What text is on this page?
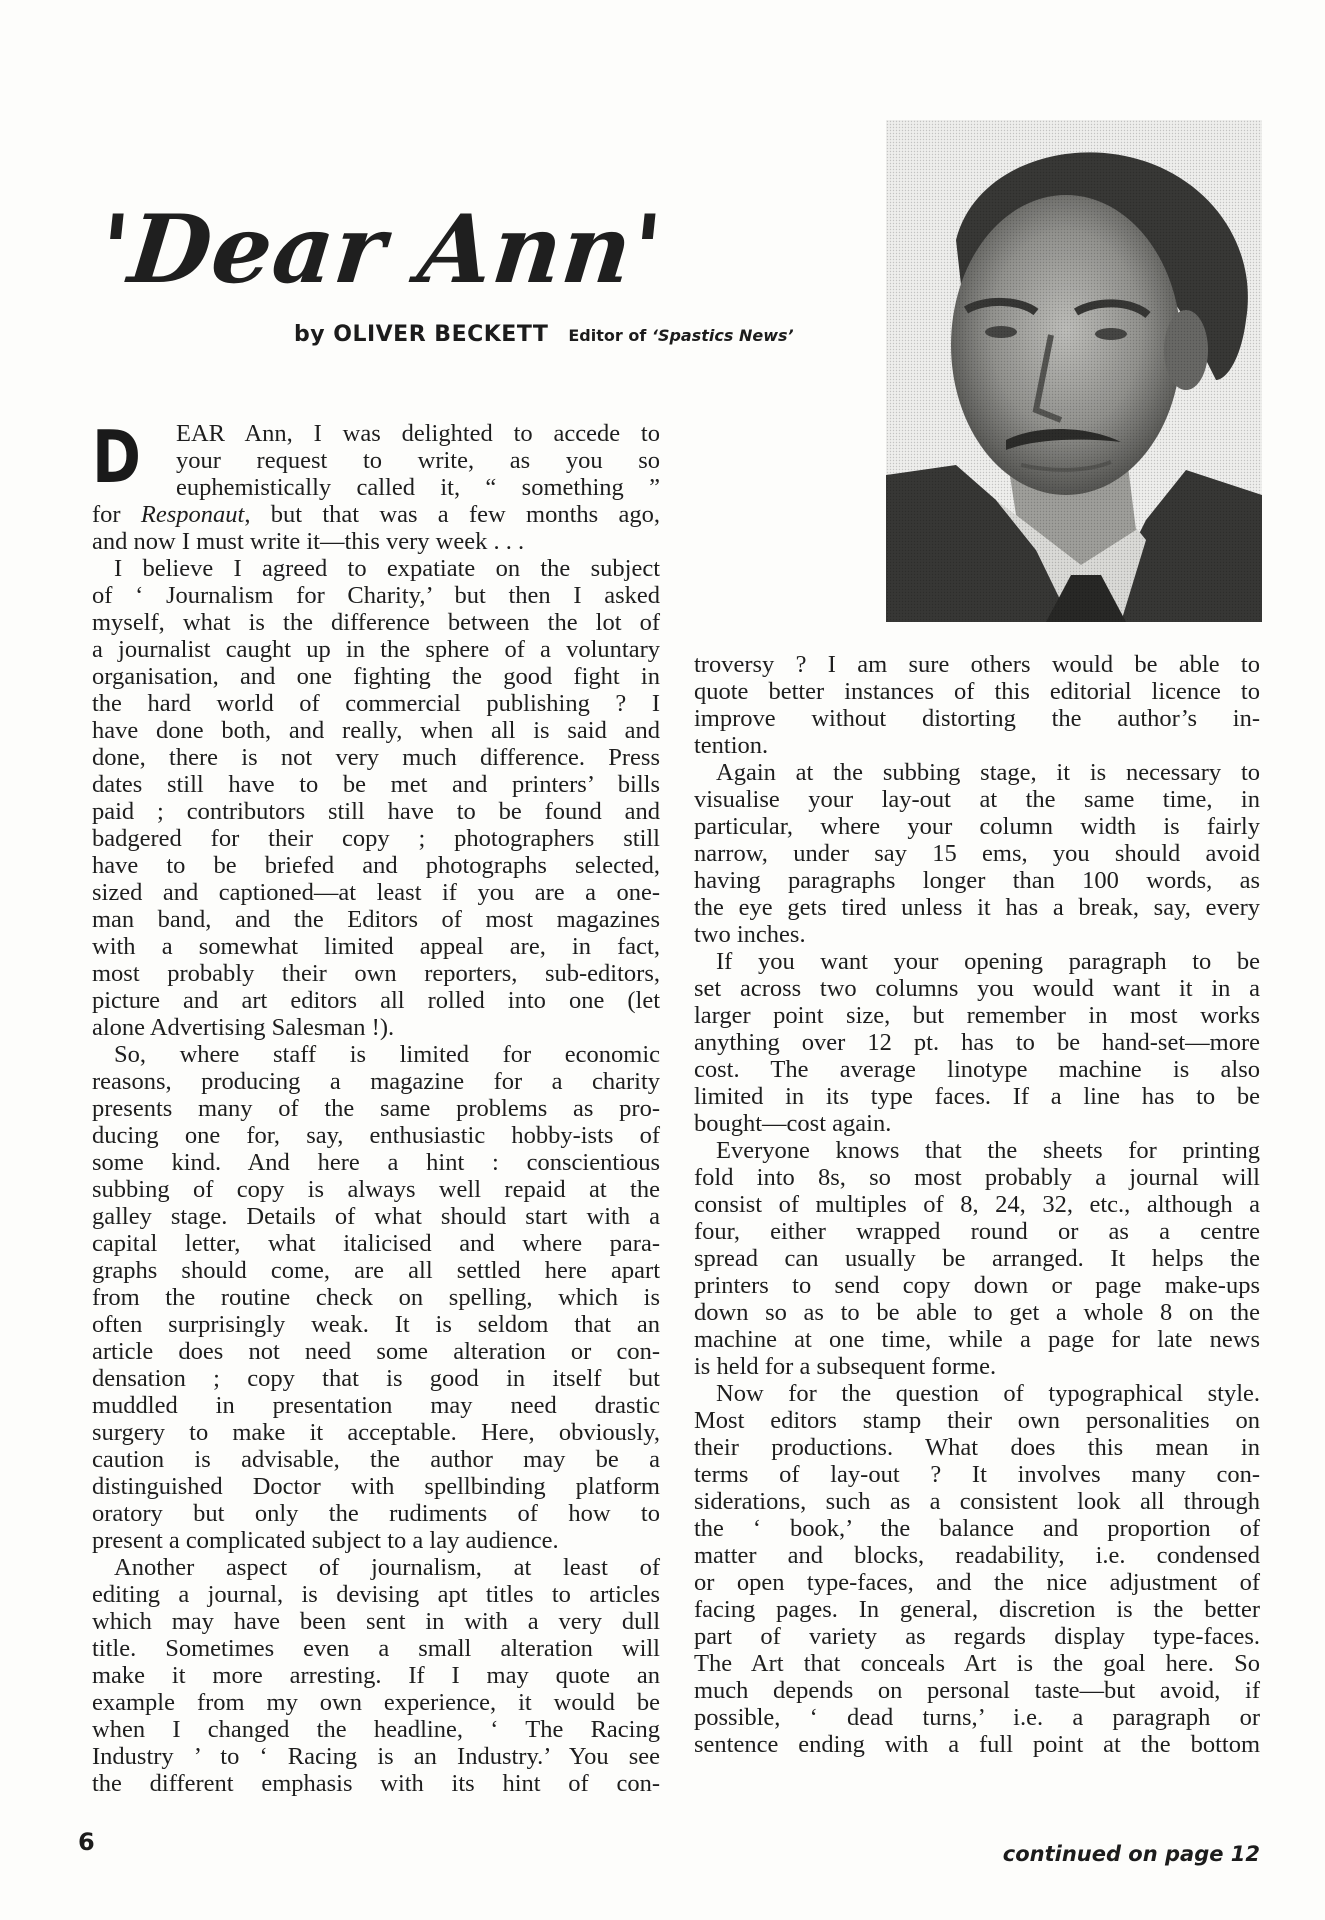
'Dear Ann'
by OLIVER BECKETT Editor of ‘Spastics News’
D	EAR Ann, I was delighted to accede to
your request to write, as you so
euphemistically called it, “ something ”
for Responaut, but that was a few months ago,
and now I must write it—this very week . . .
I believe I agreed to expatiate on the subject
of ‘ Journalism for Charity,’ but then I asked
myself, what is the difference between the lot of
a journalist caught up in the sphere of a voluntary
organisation, and one fighting the good fight in
the hard world of commercial publishing ? I
have done both, and really, when all is said and
done, there is not very much difference. Press
dates still have to be met and printers’ bills
paid ; contributors still have to be found and
badgered for their copy ; photographers still
have to be briefed and photographs selected,
sized and captioned—at least if you are a one-
man band, and the Editors of most magazines
with a somewhat limited appeal are, in fact,
most probably their own reporters, sub-editors,
picture and art editors all rolled into one (let
alone Advertising Salesman !).
So, where staff is limited for economic
reasons, producing a magazine for a charity
presents many of the same problems as pro-
ducing one for, say, enthusiastic hobby-ists of
some kind. And here a hint : conscientious
subbing of copy is always well repaid at the
galley stage. Details of what should start with a
capital letter, what italicised and where para-
graphs should come, are all settled here apart
from the routine check on spelling, which is
often surprisingly weak. It is seldom that an
article does not need some alteration or con-
densation ; copy that is good in itself but
muddled in presentation may need drastic
surgery to make it acceptable. Here, obviously,
caution is advisable, the author may be a
distinguished Doctor with spellbinding platform
oratory but only the rudiments of how to
present a complicated subject to a lay audience.
Another aspect of journalism, at least of
editing a journal, is devising apt titles to articles
which may have been sent in with a very dull
title. Sometimes even a small alteration will
make it more arresting. If I may quote an
example from my own experience, it would be
when I changed the headline, ‘ The Racing
Industry ’ to ‘ Racing is an Industry.’ You see
the different emphasis with its hint of con-
troversy ? I am sure others would be able to
quote better instances of this editorial licence to
improve without distorting the author’s in-
tention.
Again at the subbing stage, it is necessary to
visualise your lay-out at the same time, in
particular, where your column width is fairly
narrow, under say 15 ems, you should avoid
having paragraphs longer than 100 words, as
the eye gets tired unless it has a break, say, every
two inches.
If you want your opening paragraph to be
set across two columns you would want it in a
larger point size, but remember in most works
anything over 12 pt. has to be hand-set—more
cost. The average linotype machine is also
limited in its type faces. If a line has to be
bought—cost again.
Everyone knows that the sheets for printing
fold into 8s, so most probably a journal will
consist of multiples of 8, 24, 32, etc., although a
four, either wrapped round or as a centre
spread can usually be arranged. It helps the
printers to send copy down or page make-ups
down so as to be able to get a whole 8 on the
machine at one time, while a page for late news
is held for a subsequent forme.
Now for the question of typographical style.
Most editors stamp their own personalities on
their productions. What does this mean in
terms of lay-out ? It involves many con-
siderations, such as a consistent look all through
the ‘ book,’ the balance and proportion of
matter and blocks, readability, i.e. condensed
or open type-faces, and the nice adjustment of
facing pages. In general, discretion is the better
part of variety as regards display type-faces.
The Art that conceals Art is the goal here. So
much depends on personal taste—but avoid, if
possible, ‘ dead turns,’ i.e. a paragraph or
sentence ending with a full point at the bottom
continued on page 12
6
